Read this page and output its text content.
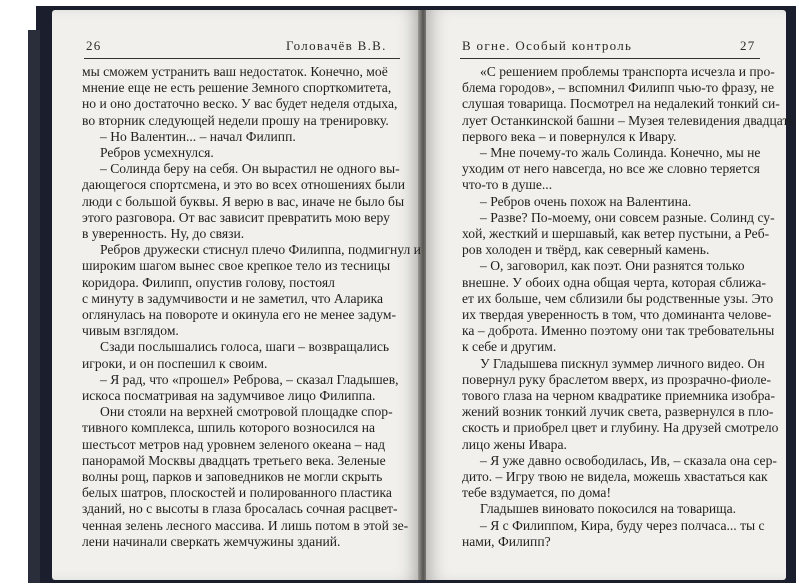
26	Головачёв В.В.	В огне. Особый контроль	27

мы сможем устранить ваш недостаток. Конечно, моё

мнение еще не есть решение Земного спорткомитета,

но и оно достаточно веско. У вас будет неделя отдыха,

во вторник следующей недели прошу на тренировку.

– Но Валентин... – начал Филипп.

Ребров усмехнулся.

– Солинда беру на себя. Он вырастил не одного вы-

дающегося спортсмена, и это во всех отношениях были

люди с большой буквы. Я верю в вас, иначе не было бы

этого разговора. От вас зависит превратить мою веру

в уверенность. Ну, до связи.

Ребров дружески стиснул плечо Филиппа, подмигнул и

широким шагом вынес свое крепкое тело из тесницы

коридора. Филипп, опустив голову, постоял

с минуту в задумчивости и не заметил, что Аларика

оглянулась на повороте и окинула его не менее задум-

чивым взглядом.

Сзади послышались голоса, шаги – возвращались

игроки, и он поспешил к своим.

– Я рад, что «прошел» Реброва, – сказал Гладышев,

искоса посматривая на задумчивое лицо Филиппа.

Они стояли на верхней смотровой площадке спор-

тивного комплекса, шпиль которого возносился на

шестьсот метров над уровнем зеленого океана – над

панорамой Москвы двадцать третьего века. Зеленые

волны рощ, парков и заповедников не могли скрыть

белых шатров, плоскостей и полированного пластика

зданий, но с высоты в глаза бросалась сочная расцвет-

ченная зелень лесного массива. И лишь потом в этой зе-

лени начинали сверкать жемчужины зданий.

«С решением проблемы транспорта исчезла и про-

блема городов», – вспомнил Филипп чью-то фразу, не

слушая товарища. Посмотрел на недалекий тонкий си-

лует Останкинской башни – Музея телевидения двадцать

первого века – и повернулся к Ивару.

– Мне почему-то жаль Солинда. Конечно, мы не

уходим от него навсегда, но все же словно теряется

что-то в душе...

– Ребров очень похож на Валентина.

– Разве? По-моему, они совсем разные. Солинд су-

хой, жесткий и шершавый, как ветер пустыни, а Реб-

ров холоден и твёрд, как северный камень.

– О, заговорил, как поэт. Они разнятся только

внешне. У обоих одна общая черта, которая сближа-

ет их больше, чем сблизили бы родственные узы. Это

их твердая уверенность в том, что доминанта челове-

ка – доброта. Именно поэтому они так требовательны

к себе и другим.

У Гладышева пискнул зуммер личного видео. Он

повернул руку браслетом вверх, из прозрачно-фиоле-

тового глаза на черном квадратике приемника изобра-

жений возник тонкий лучик света, развернулся в пло-

скость и приобрел цвет и глубину. На друзей смотрело

лицо жены Ивара.

– Я уже давно освободилась, Ив, – сказала она сер-

дито. – Игру твою не видела, можешь хвастаться как

тебе вздумается, по дома!

Гладышев виновато покосился на товарища.

– Я с Филиппом, Кира, буду через полчаса... ты с

нами, Филипп?
